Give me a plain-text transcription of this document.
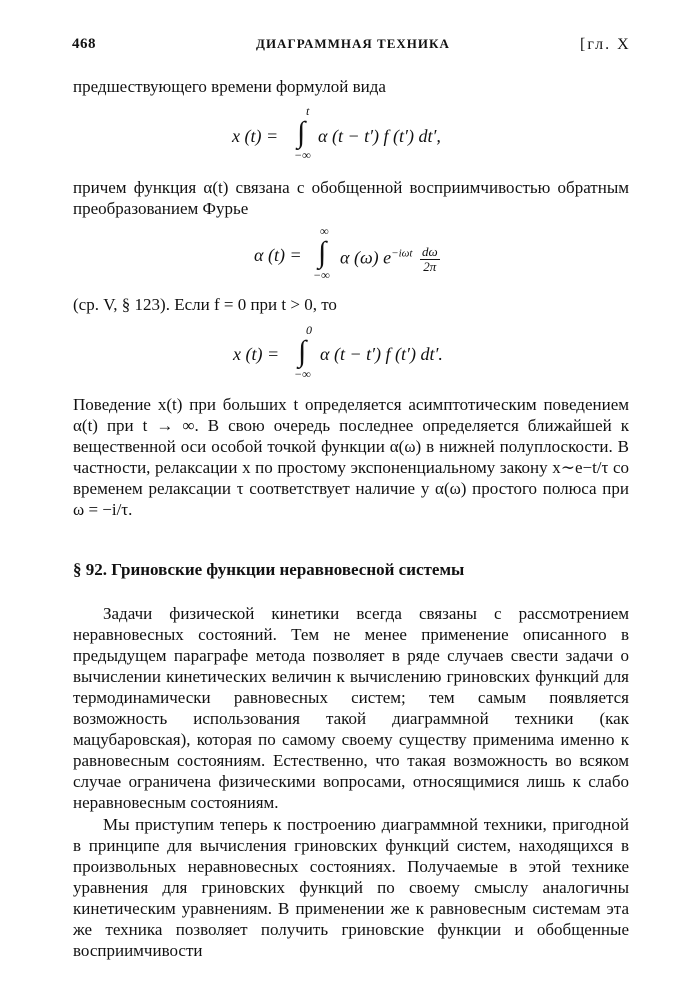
468	ДИАГРАММНАЯ ТЕХНИКА	[гл. X
предшествующего времени формулой вида
x (t) =
t
∫
−∞
α (t − t′) f (t′) dt′,
причем функция α(t) связана с обобщенной восприимчивостью обратным преобразованием Фурье
α (t) =
∞
∫
−∞
α (ω) $e^{-i\omega t} \frac{d\omega}{2\pi}$
(ср. V, § 123). Если f = 0 при t > 0, то
x (t) =
0
∫
−∞
α (t − t′) f (t′) dt′.
Поведение x(t) при больших t определяется асимптотическим поведением α(t) при t → ∞. В свою очередь последнее определяется ближайшей к вещественной оси особой точкой функции α(ω) в нижней полуплоскости. В частности, релаксации x по простому экспоненциальному закону x∼e−t/τ со временем релаксации τ соответствует наличие у α(ω) простого полюса при ω = −i/τ.
§ 92. Гриновские функции неравновесной системы
Задачи физической кинетики всегда связаны с рассмотрением неравновесных состояний. Тем не менее применение описанного в предыдущем параграфе метода позволяет в ряде случаев свести задачи о вычислении кинетических величин к вычислению гриновских функций для термодинамически равновесных систем; тем самым появляется возможность использования такой диаграммной техники (как мацубаровская), которая по самому своему существу применима именно к равновесным состояниям. Естественно, что такая возможность во всяком случае ограничена физическими вопросами, относящимися лишь к слабо неравновесным состояниям.
Мы приступим теперь к построению диаграммной техники, пригодной в принципе для вычисления гриновских функций систем, находящихся в произвольных неравновесных состояниях. Получаемые в этой технике уравнения для гриновских функций по своему смыслу аналогичны кинетическим уравнениям. В применении же к равновесным системам эта же техника позволяет получить гриновские функции и обобщенные восприимчивости
